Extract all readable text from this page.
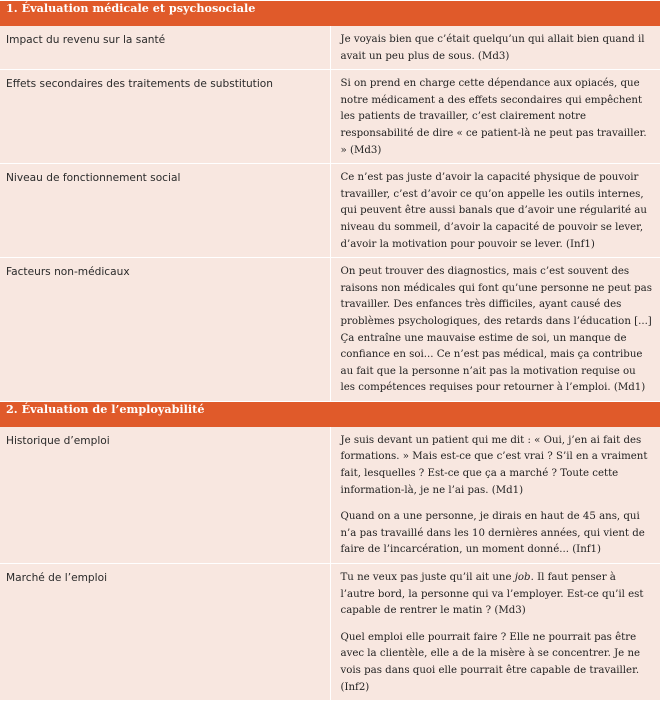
1. Évaluation médicale et psychosociale	
Impact du revenu sur la santé	Je voyais bien que c’était quelqu’un qui allait bien quand il avait un peu plus de sous. (Md3)

Effets secondaires des traitements de substitution	Si on prend en charge cette dépendance aux opiacés, que notre médicament a des effets secondaires qui empêchent les patients de travailler, c’est clairement notre responsabilité de dire « ce patient-là ne peut pas travailler. » (Md3)

Niveau de fonctionnement social	Ce n’est pas juste d’avoir la capacité physique de pouvoir travailler, c’est d’avoir ce qu’on appelle les outils internes, qui peuvent être aussi banals que d’avoir une régularité au niveau du sommeil, d’avoir la capacité de pouvoir se lever, d’avoir la motivation pour pouvoir se lever. (Inf1)

Facteurs non-médicaux	On peut trouver des diagnostics, mais c’est souvent des raisons non médicales qui font qu’une personne ne peut pas travailler. Des enfances très difficiles, ayant causé des problèmes psychologiques, des retards dans l’éducation [...] Ça entraîne une mauvaise estime de soi, un manque de confiance en soi... Ce n’est pas médical, mais ça contribue au fait que la personne n’ait pas la motivation requise ou les compétences requises pour retourner à l’emploi. (Md1)

2. Évaluation de l’employabilité	
Historique d’emploi	Je suis devant un patient qui me dit : « Oui, j’en ai fait des formations. » Mais est-ce que c’est vrai ? S’il en a vraiment fait, lesquelles ? Est-ce que ça a marché ? Toute cette information-là, je ne l’ai pas. (Md1)

Quand on a une personne, je dirais en haut de 45 ans, qui n’a pas travaillé dans les 10 dernières années, qui vient de faire de l’incarcération, un moment donné... (Inf1)

Marché de l’emploi	Tu ne veux pas juste qu’il ait une job. Il faut penser à l’autre bord, la personne qui va l’employer. Est-ce qu’il est capable de rentrer le matin ? (Md3)

Quel emploi elle pourrait faire ? Elle ne pourrait pas être avec la clientèle, elle a de la misère à se concentrer. Je ne vois pas dans quoi elle pourrait être capable de travailler. (Inf2)
